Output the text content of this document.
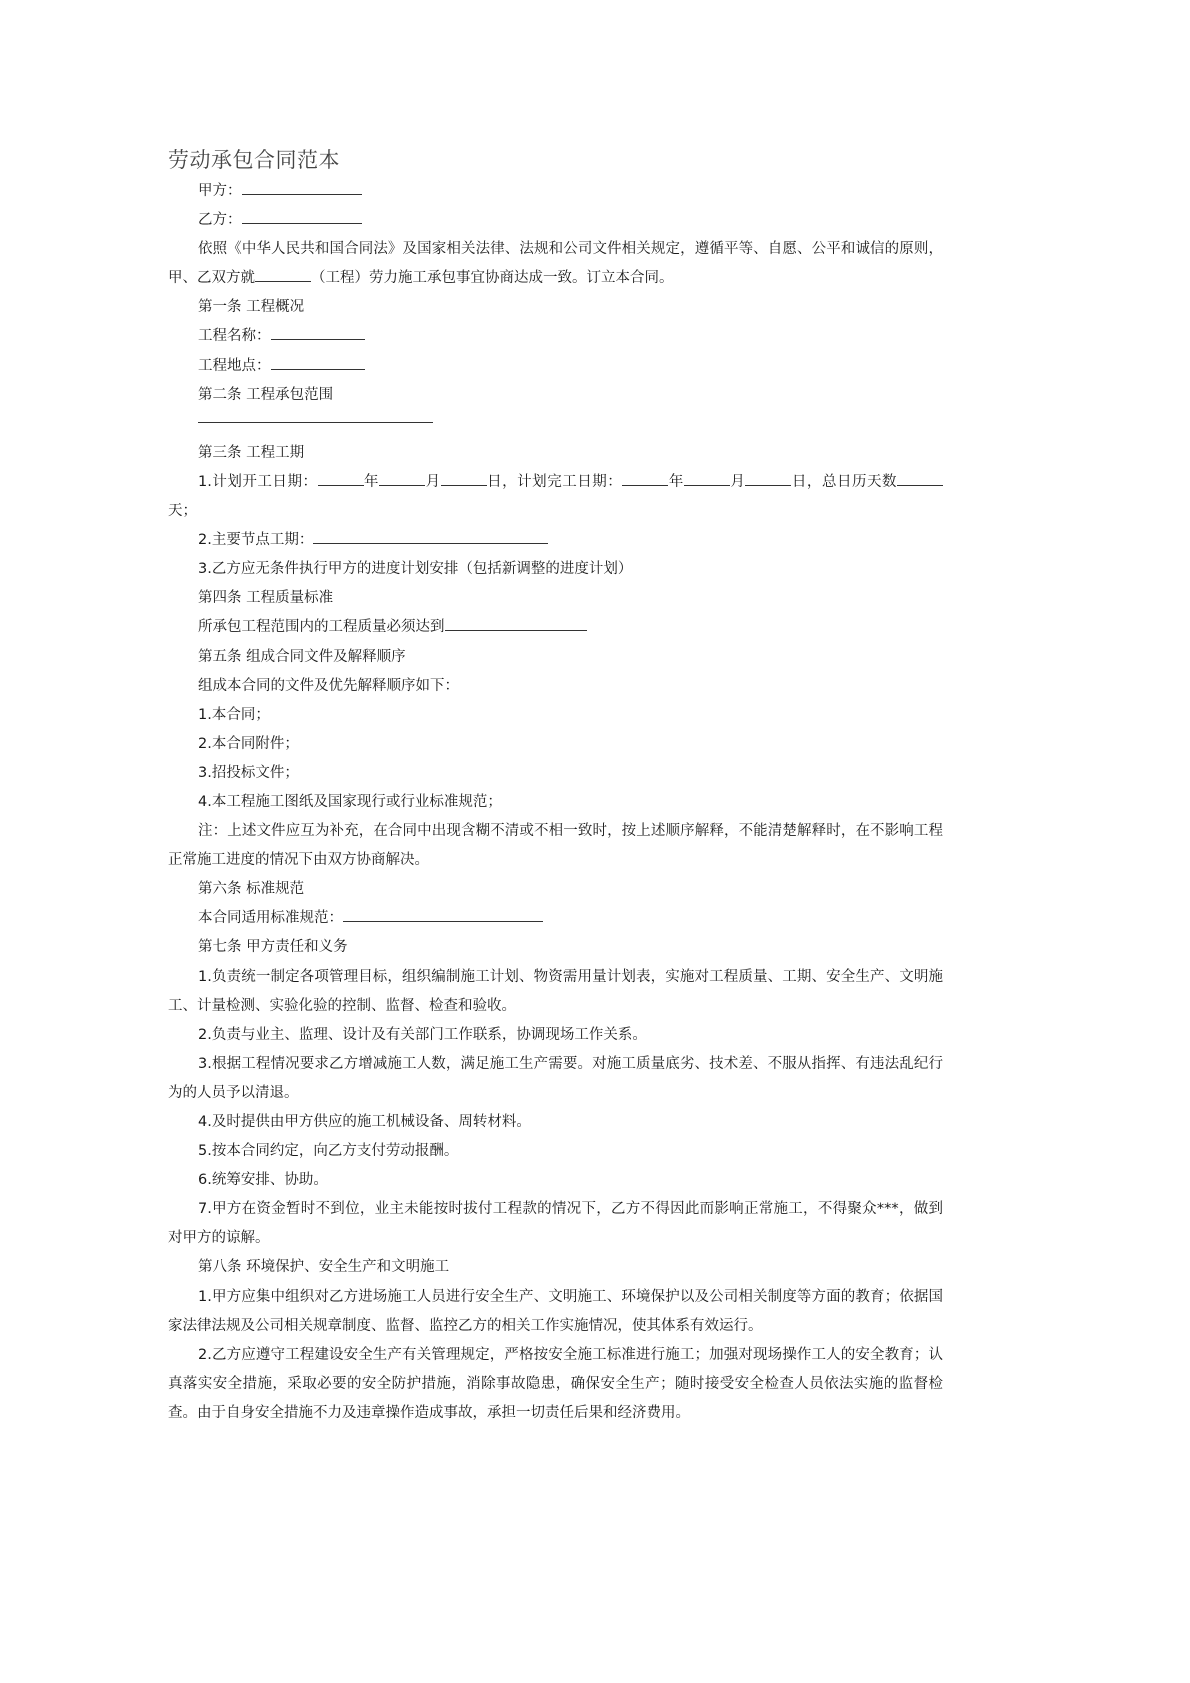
劳动承包合同范本

甲方：

乙方：

依照《中华人民共和国合同法》及国家相关法律、法规和公司文件相关规定，遵循平等、自愿、公平和诚信的原则，甲、乙双方就	（工程）劳力施工承包事宜协商达成一致。订立本合同。

第一条 工程概况

工程名称：

工程地点：

第二条 工程承包范围

第三条 工程工期

1.计划开工日期：	年	月	日，计划完工日期：	年	月	日，总日历天数天；

2.主要节点工期：

3.乙方应无条件执行甲方的进度计划安排（包括新调整的进度计划）

第四条 工程质量标准

所承包工程范围内的工程质量必须达到

第五条 组成合同文件及解释顺序

组成本合同的文件及优先解释顺序如下：

1.本合同；

2.本合同附件；

3.招投标文件；

4.本工程施工图纸及国家现行或行业标准规范；

注：上述文件应互为补充，在合同中出现含糊不清或不相一致时，按上述顺序解释，不能清楚解释时，在不影响工程正常施工进度的情况下由双方协商解决。

第六条 标准规范

本合同适用标准规范：

第七条 甲方责任和义务

1.负责统一制定各项管理目标，组织编制施工计划、物资需用量计划表，实施对工程质量、工期、安全生产、文明施工、计量检测、实验化验的控制、监督、检查和验收。

2.负责与业主、监理、设计及有关部门工作联系，协调现场工作关系。

3.根据工程情况要求乙方增减施工人数，满足施工生产需要。对施工质量底劣、技术差、不服从指挥、有违法乱纪行为的人员予以清退。

4.及时提供由甲方供应的施工机械设备、周转材料。

5.按本合同约定，向乙方支付劳动报酬。

6.统筹安排、协助。

7.甲方在资金暂时不到位，业主未能按时拔付工程款的情况下，乙方不得因此而影响正常施工，不得聚众***，做到对甲方的谅解。

第八条 环境保护、安全生产和文明施工

1.甲方应集中组织对乙方进场施工人员进行安全生产、文明施工、环境保护以及公司相关制度等方面的教育；依据国家法律法规及公司相关规章制度、监督、监控乙方的相关工作实施情况，使其体系有效运行。

2.乙方应遵守工程建设安全生产有关管理规定，严格按安全施工标准进行施工；加强对现场操作工人的安全教育；认真落实安全措施，采取必要的安全防护措施，消除事故隐患，确保安全生产；随时接受安全检查人员依法实施的监督检查。由于自身安全措施不力及违章操作造成事故，承担一切责任后果和经济费用。
